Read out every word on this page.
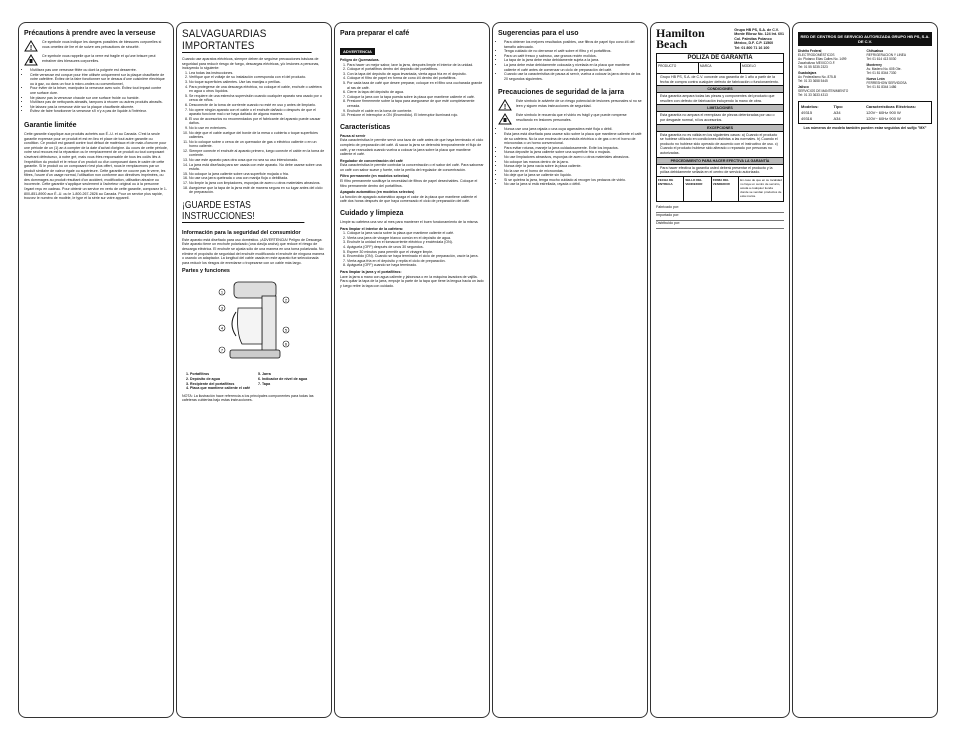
Précautions à prendre avec la verseuse
!

Ce symbole vous indique les dangers possibles de blessures corporelles si vous omettez de lire et de suivre ces précautions de sécurité.

Ce symbole vous rappelle que la verre est fragile et qu'une brisure peut entraîner des blessures corporelles.

• N'utilisez pas une verseuse fêlée ou dont la poignée est desserrée.
• Cette verseuse est conçue pour être utilisée uniquement sur la plaque chauffante de votre cafetière. Évitez de la faire fonctionner sur le dessus d'une cuisinière électrique ou à gaz, ou dans un four à micro-ondes ou conventionnel.
• Pour éviter de la briser, manipulez la verseuse avec soin. Évitez tout impact contre une surface dure.
• Ne placez pas la verseuse chaude sur une surface froide ou humide.
• N'utilisez pas de nettoyants abrasifs, tampons à récurer ou autres produits abrasifs.
• Ne laissez pas la verseuse vide sur la plaque chauffante allumée.
• Évitez de faire fonctionner la verseuse s'il n'y a pas de liquide à l'intérieur.
Garantie limitée

Cette garantie s'applique aux produits achetés aux É.-U. et au Canada. C'est la seule garantie expresse pour ce produit et est en lieu et place de tout autre garantie ou condition. Ce produit est garanti contre tout défaut de matériaux et de main-d'oeuvre pour une période de un (1) an à compter de la date d'achat d'origine. Au cours de cette période, votre seul recours est la réparation ou le remplacement de ce produit ou tout composant s'avérant défectueux, à notre gré, mais vous êtes responsable de tous les coûts liés à l'expédition du produit et le retour d'un produit ou d'un composant dans le cadre de cette garantie. Si le produit ou un composant n'est plus offert, nous le remplacerons par un produit similaire de valeur égale ou supérieure. Cette garantie ne couvre pas le verre, les filtres, l'usure d'un usage normal, l'utilisation non conforme aux directives imprimées, ou des dommages au produit résultant d'un accident, modification, utilisation abusive ou incorrecte. Cette garantie s'applique seulement à l'acheteur original ou à la personne l'ayant reçu en cadeau. Pour obtenir un service en vertu de cette garantie, composez le 1-800-851-8900 aux É.-U. ou le 1-800-267-2826 au Canada. Pour un service plus rapide, trouvez le numéro de modèle, le type et la série sur votre appareil.

SALVAGUARDIAS IMPORTANTES

Cuando use aparatos eléctricos, siempre deben de seguirse precauciones básicas de seguridad para reducir riesgo de fuego, descargas eléctricas, y/o lesiones a personas, incluyendo lo siguiente:

1. Lea todas las instrucciones.
2. Verifique que el voltaje de su instalación corresponda con el del producto.
3. No toque superficies calientes. Use las manijas o perillas.
4. Para protegerse de una descarga eléctrica, no coloque el cable, enchufe o cafetera en agua u otros líquidos.
5. Se requiere de una estrecha supervisión cuando cualquier aparato sea usado por o cerca de niños.
6. Desconecte de la toma de corriente cuando no esté en uso y antes de limpiarlo.
7. No opere ningún aparato con el cable o el enchufe dañado o después de que el aparato funcione mal o se haya dañado de alguna manera.
8. El uso de accesorios no recomendados por el fabricante del aparato puede causar daños.
9. No lo use en exteriores.
10. No deje que el cable cuelgue del borde de la mesa o cubierta o toque superficies calientes.
11. No lo coloque sobre o cerca de un quemador de gas o eléctrico caliente o en un horno caliente.
12. Siempre conecte el enchufe al aparato primero, luego conecte el cable en la toma de corriente.
13. No use este aparato para otra cosa que no sea su uso intencionado.
14. La jarra está diseñada para ser usada con este aparato. No debe usarse sobre una estufa.
15. No coloque la jarra caliente sobre una superficie mojada o fría.
16. No use una jarra quebrada o una con manija floja o debilitada.
17. No limpie la jarra con limpiadores, esponjas de acero u otros materiales abrasivos.
18. Asegúrese que la tapa de la jarra esté de manera segura en su lugar antes del ciclo de preparación.
¡GUARDE ESTAS INSTRUCCIONES!
Información para la seguridad del consumidor

Este aparato está diseñado para uso doméstico. ¡ADVERTENCIA! Peligro de Descarga: Este aparato tiene un enchufe polarizado (una clavija ancha) que reduce el riesgo de descarga eléctrica. El enchufe se ajusta sólo de una manera en una toma polarizada. No elimine el propósito de seguridad del enchufe modificando el enchufe de ninguna manera o usando un adaptador. La longitud del cable usada en este aparato fue seleccionada para reducir los riesgos de enredarse o tropezarse con un cable más largo.

Partes y funciones
1
2
3
4	5
6
7
1. Portafiltros	5. Jarra
2. Depósito de agua	6. Indicador de nivel de agua
3. Recipiente del portafiltros	7. Tapa
4. Placa que mantiene caliente el café

NOTA: La ilustración hace referencia a los principales componentes para todas las cafeteras cubiertas bajo estas instrucciones.

Para preparar el café
ADVERTENCIA

Peligro de Quemadura.

1. Para hacer un mejor sabor, lave la jarra, después limpie el interior de la unidad.
2. Coloque el portafiltros dentro del depósito del portafiltros.
3. Con la tapa del depósito de agua levantada, vierta agua fría en el depósito.
4. Coloque el filtro de papel en forma de cono #4 dentro del portafiltros.
5. Por cada taza de café que desee preparar, coloque en el filtro una cucharada grande al ras de café.
6. Cierre la tapa del depósito de agua.
7. Coloque la jarra con la tapa puesta sobre la placa que mantiene caliente el café.
8. Presione firmemente sobre la tapa para asegurarse de que esté completamente cerrada.
9. Enchufe el cable en la toma de corriente.
10. Presione el interruptor a ON (Encendido). El interruptor iluminará rojo.
Características

Pausa al servir

Esta característica le permite servir una taza de café antes de que haya terminado el ciclo completo de preparación del café. Al sacar la jarra se detendrá temporalmente el flujo de café, y se reanudará cuando vuelva a colocar la jarra sobre la placa que mantiene caliente el café.

Regulador de concentración del café

Esta característica le permite controlar la concentración o el sabor del café. Para saborear un café con sabor suave y fuerte, rote la perilla del regulador de concentración.

Filtro permanente (en modelos selectos)

El filtro permanente sustituye la necesidad de filtros de papel desechables. Coloque el filtro permanente dentro del portafiltros.

Apagado automático (en modelos selectos)

La función de apagado automático apaga el calor de la placa que mantiene caliente el café dos horas después de que haya comenzado el ciclo de preparación del café.

Cuidado y limpieza

Limpie su cafetera una vez al mes para mantener el buen funcionamiento de la misma.

Para limpiar el interior de la cafetera:

1. Coloque la jarra vacía sobre la placa que mantiene caliente el café.
2. Vierta una jarra de vinagre blanco común en el depósito de agua.
3. Enchufe la unidad en el tomacorriente eléctrico y enciéndala (ON).
4. Apáguela (OFF) después de unos 30 segundos.
5. Espere 30 minutos para permitir que el vinagre limpie.
6. Encendido (ON). Cuando se haya terminado el ciclo de preparación, vacíe la jarra.
7. Vierta agua fría en el depósito y repita el ciclo de preparación.
8. Apáguela (OFF) cuando se haya terminado.

Para limpiar la jarra y el portafiltros:

Lave la jarra a mano con agua caliente y jabonosa o en la máquina lavadora de vajilla. Para quitar la tapa de la jarra, empuje la parte de la tapa que tiene la lengua hacia un lado y luego retire la tapa con cuidado.

Sugerencias para el uso
• Para obtener los mejores resultados posibles, use filtros de papel tipo cono #4 del tamaño adecuado.
• Tenga cuidado de no derramar el café sobre el filtro y el portafiltros.
• Para un café fresco y sabroso, use granos recién molidos.
• La tapa de la jarra debe estar debidamente sujeta a la jarra.
• La jarra debe estar debidamente colocada y nivelada en la placa que mantiene caliente el café antes de comenzar un ciclo de preparación del café.
• Cuando use la característica de pausa al servir, vuelva a colocar la jarra dentro de los 20 segundos siguientes.
Precauciones de seguridad de la jarra
!

Este símbolo le advierte de un riesgo potencial de lesiones personales si no se leen y siguen estas instrucciones de seguridad.

Este símbolo le recuerda que el vidrio es frágil y que puede romperse resultando en lesiones personales.

• Nunca use una jarra rajada o una cuya agarradera esté floja o débil.
• Esta jarra está diseñada para usarse sólo sobre la placa que mantiene caliente el café de su cafetera. No la use encima de una estufa eléctrica o de gas o en el horno de microondas o un horno convencional.
• Para evitar roturas, maneje la jarra cuidadosamente. Evite los impactos.
• Nunca deposite la jarra caliente sobre una superficie fría o mojada.
• No use limpiadores abrasivos, esponjas de acero u otros materiales abrasivos.
• No coloque las manos dentro de la jarra.
• Nunca deje la jarra vacía sobre la placa caliente.
• No la use en el horno de microondas.
• No deje que la jarra se caliente sin líquido.
• Si se quiebra la jarra, tenga mucho cuidado al recoger los pedazos de vidrio.
• No use la jarra si está estrellada, rayada o débil.
Hamilton
Beach
Grupo HB PS, S.A. de C.V.
Monte Elbruz No. 124 Int. 601
Col. Palmitas Polanco
México, D.F. C.P. 11560
Tel: 01 800 71 16 100
PÓLIZA DE GARANTÍA
PRODUCTO	MARCA	MODELO

Grupo HB PS, S.A. de C.V. concede una garantía de 1 año a partir de la fecha de compra contra cualquier defecto de fabricación o funcionamiento.

CONDICIONES

Esta garantía ampara todas las piezas y componentes del producto que resulten con defecto de fabricación incluyendo la mano de obra.

LIMITACIONES

Esta garantía no ampara el reemplazo de piezas deterioradas por uso o por desgaste normal, ni los accesorios.

EXCEPCIONES

Esta garantía no es válida en los siguientes casos: a) Cuando el producto se hubiese utilizado en condiciones distintas a las normales. b) Cuando el producto no hubiese sido operado de acuerdo con el instructivo de uso. c) Cuando el producto hubiese sido alterado o reparado por personas no autorizadas.

PROCEDIMIENTO PARA HACER EFECTIVA LA GARANTÍA

Para hacer efectiva la garantía usted deberá presentar el producto y la póliza debidamente sellada en el centro de servicio autorizado.

FECHA DE ENTREGA
SELLO DEL VENDEDOR
FIRMA DEL VENDEDOR
En caso de que en su localidad no haya un centro de servicio, acuda a cualquier tienda donde se vendan productos de esta marca.
Fabricado por:
Importado por:
Distribuido por:
RED DE CENTROS DE SERVICIO AUTORIZADA GRUPO HB PS, S.A. DE C.V.

Distrito Federal

ELECTRODOMÉSTICOS

Av. Plutarco Elías Calles No. 1499

Zacahuitzco MEXICO D.F.

Tel: 01 55 5235 2323

Guadalajara

Av. Federalismo No. 875-B

Tel: 01 33 3658 5445

Jalisco

SERVICIOS DE MANTENIMIENTO

Tel: 01 33 3633 4313

Chihuahua

REFRIGERACION Y LINEA

Tel: 01 614 413 5030

Monterrey

Av. Madero No. 605 Ote.

Tel: 01 81 8344 7330

Nuevo León

FERRESHOW SERVIDOSA

Tel: 01 81 8344 1486

Modelos:	Tipo:	Características Eléctricas:
49315	A34	120V~ 60Hz 900 W
49316	A34	120V~ 60Hz 900 W

Los números de modelo también pueden estar seguidos del sufijo "MX"
